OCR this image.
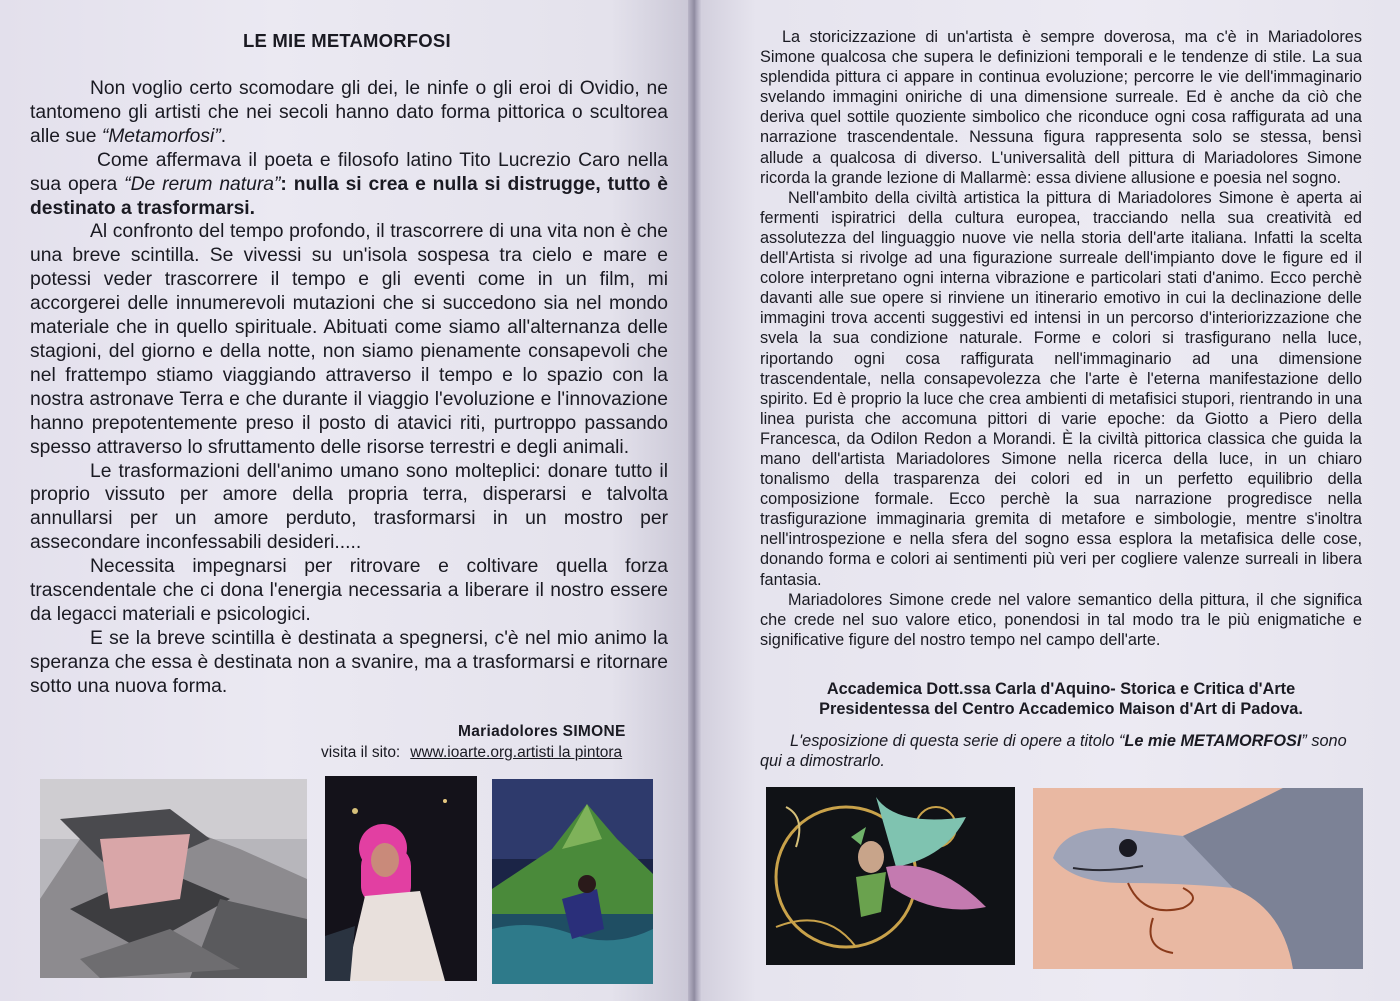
LE MIE METAMORFOSI

Non voglio certo scomodare gli dei, le ninfe o gli eroi di Ovidio, ne tantomeno gli artisti che nei secoli hanno dato forma pittorica o scultorea alle sue “Metamorfosi”.

Come affermava il poeta e filosofo latino Tito Lucrezio Caro nella sua opera “De rerum natura”: nulla si crea e nulla si distrugge, tutto è destinato a trasformarsi.

Al confronto del tempo profondo, il trascorrere di una vita non è che una breve scintilla. Se vivessi su un'isola sospesa tra cielo e mare e potessi veder trascorrere il tempo e gli eventi come in un film, mi accorgerei delle innumerevoli mutazioni che si succedono sia nel mondo materiale che in quello spirituale. Abituati come siamo all'alternanza delle stagioni, del giorno e della notte, non siamo pienamente consapevoli che nel frattempo stiamo viaggiando attraverso il tempo e lo spazio con la nostra astronave Terra e che durante il viaggio l'evoluzione e l'innovazione hanno prepotentemente preso il posto di atavici riti, purtroppo passando spesso attraverso lo sfruttamento delle risorse terrestri e degli animali.

Le trasformazioni dell'animo umano sono molteplici: donare tutto il proprio vissuto per amore della propria terra, disperarsi e talvolta annullarsi per un amore perduto, trasformarsi in un mostro per assecondare inconfessabili desideri.....

Necessita impegnarsi per ritrovare e coltivare quella forza trascendentale che ci dona l'energia necessaria a liberare il nostro essere da legacci materiali e psicologici.

E se la breve scintilla è destinata a spegnersi, c'è nel mio animo la speranza che essa è destinata non a svanire, ma a trasformarsi e ritornare sotto una nuova forma.

Mariadolores SIMONE
visita il sito: www.ioarte.org.artisti la pintora

La storicizzazione di un'artista è sempre doverosa, ma c'è in Mariadolores Simone qualcosa che supera le definizioni temporali e le tendenze di stile. La sua splendida pittura ci appare in continua evoluzione; percorre le vie dell'immaginario svelando immagini oniriche di una dimensione surreale. Ed è anche da ciò che deriva quel sottile quoziente simbolico che riconduce ogni cosa raffigurata ad una narrazione trascendentale. Nessuna figura rappresenta solo se stessa, bensì allude a qualcosa di diverso. L'universalità dell pittura di Mariadolores Simone ricorda la grande lezione di Mallarmè: essa diviene allusione e poesia nel sogno.

Nell'ambito della civiltà artistica la pittura di Mariadolores Simone è aperta ai fermenti ispiratrici della cultura europea, tracciando nella sua creatività ed assolutezza del linguaggio nuove vie nella storia dell'arte italiana. Infatti la scelta dell'Artista si rivolge ad una figurazione surreale dell'impianto dove le figure ed il colore interpretano ogni interna vibrazione e particolari stati d'animo. Ecco perchè davanti alle sue opere si rinviene un itinerario emotivo in cui la declinazione delle immagini trova accenti suggestivi ed intensi in un percorso d'interiorizzazione che svela la sua condizione naturale. Forme e colori si trasfigurano nella luce, riportando ogni cosa raffigurata nell'immaginario ad una dimensione trascendentale, nella consapevolezza che l'arte è l'eterna manifestazione dello spirito. Ed è proprio la luce che crea ambienti di metafisici stupori, rientrando in una linea purista che accomuna pittori di varie epoche: da Giotto a Piero della Francesca, da Odilon Redon a Morandi. È la civiltà pittorica classica che guida la mano dell'artista Mariadolores Simone nella ricerca della luce, in un chiaro tonalismo della trasparenza dei colori ed in un perfetto equilibrio della composizione formale. Ecco perchè la sua narrazione progredisce nella trasfigurazione immaginaria gremita di metafore e simbologie, mentre s'inoltra nell'introspezione e nella sfera del sogno essa esplora la metafisica delle cose, donando forma e colori ai sentimenti più veri per cogliere valenze surreali in libera fantasia.

Mariadolores Simone crede nel valore semantico della pittura, il che significa che crede nel suo valore etico, ponendosi in tal modo tra le più enigmatiche e significative figure del nostro tempo nel campo dell'arte.

Accademica Dott.ssa Carla d'Aquino- Storica e Critica d'Arte
Presidentessa del Centro Accademico Maison d'Art di Padova.

L'esposizione di questa serie di opere a titolo “Le mie METAMORFOSI” sono qui a dimostrarlo.
